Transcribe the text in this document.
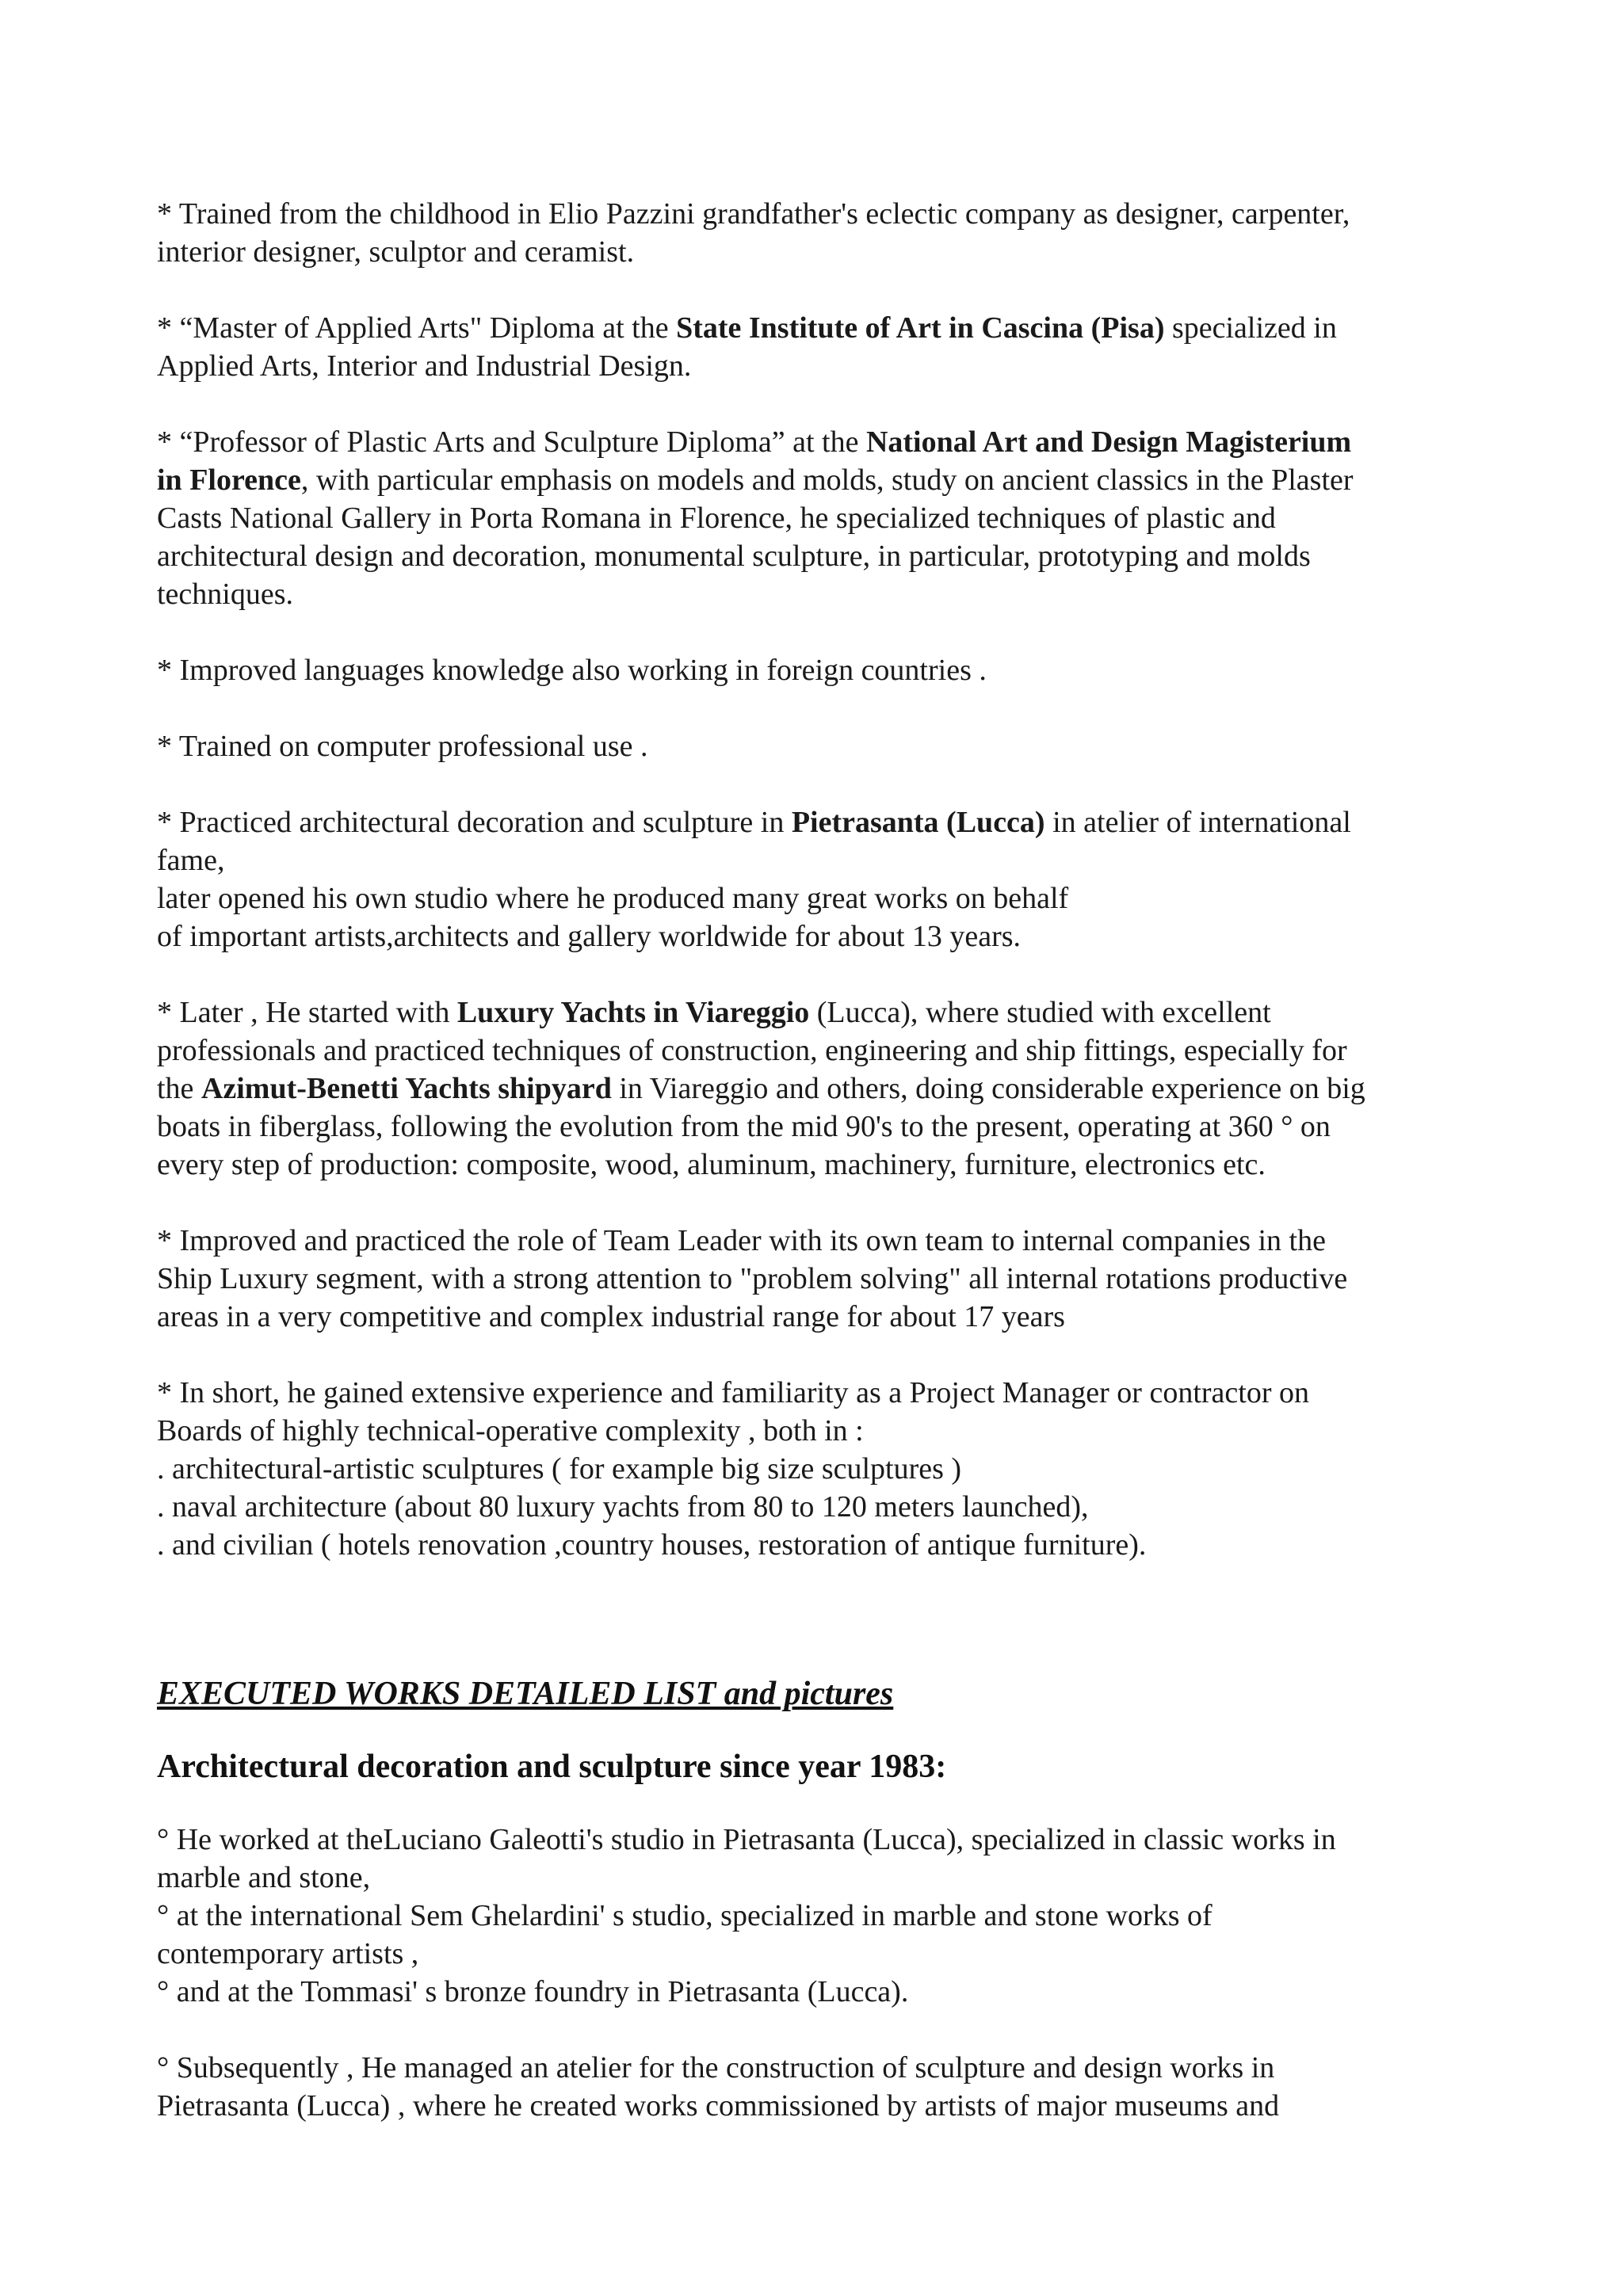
* Trained from the childhood in Elio Pazzini grandfather's eclectic company as designer, carpenter,
interior designer, sculptor and ceramist.
* “Master of Applied Arts" Diploma at the State Institute of Art in Cascina (Pisa) specialized in
Applied Arts, Interior and Industrial Design.
* “Professor of Plastic Arts and Sculpture Diploma” at the National Art and Design Magisterium
in Florence, with particular emphasis on models and molds, study on ancient classics in the Plaster
Casts National Gallery in Porta Romana in Florence, he specialized techniques of plastic and
architectural design and decoration, monumental sculpture, in particular, prototyping and molds
techniques.
* Improved languages knowledge also working in foreign countries .
* Trained on computer professional use .
* Practiced architectural decoration and sculpture in Pietrasanta (Lucca) in atelier of international
fame,
later opened his own studio where he produced many great works on behalf
of important artists,architects and gallery worldwide for about 13 years.
* Later , He started with Luxury Yachts in Viareggio (Lucca), where studied with excellent
professionals and practiced techniques of construction, engineering and ship fittings, especially for
the Azimut-Benetti Yachts shipyard in Viareggio and others, doing considerable experience on big
boats in fiberglass, following the evolution from the mid 90's to the present, operating at 360 ° on
every step of production: composite, wood, aluminum, machinery, furniture, electronics etc.
* Improved and practiced the role of Team Leader with its own team to internal companies in the
Ship Luxury segment, with a strong attention to "problem solving" all internal rotations productive
areas in a very competitive and complex industrial range for about 17 years
* In short, he gained extensive experience and familiarity as a Project Manager or contractor on
Boards of highly technical-operative complexity , both in :
. architectural-artistic sculptures ( for example big size sculptures )
. naval architecture (about 80 luxury yachts from 80 to 120 meters launched),
. and civilian ( hotels renovation ,country houses, restoration of antique furniture).
EXECUTED WORKS DETAILED LIST and pictures
Architectural decoration and sculpture since year 1983:
° He worked at theLuciano Galeotti's studio in Pietrasanta (Lucca), specialized in classic works in
marble and stone,
° at the international Sem Ghelardini' s studio, specialized in marble and stone works of
contemporary artists ,
° and at the Tommasi' s bronze foundry in Pietrasanta (Lucca).
° Subsequently , He managed an atelier for the construction of sculpture and design works in
Pietrasanta (Lucca) , where he created works commissioned by artists of major museums and
